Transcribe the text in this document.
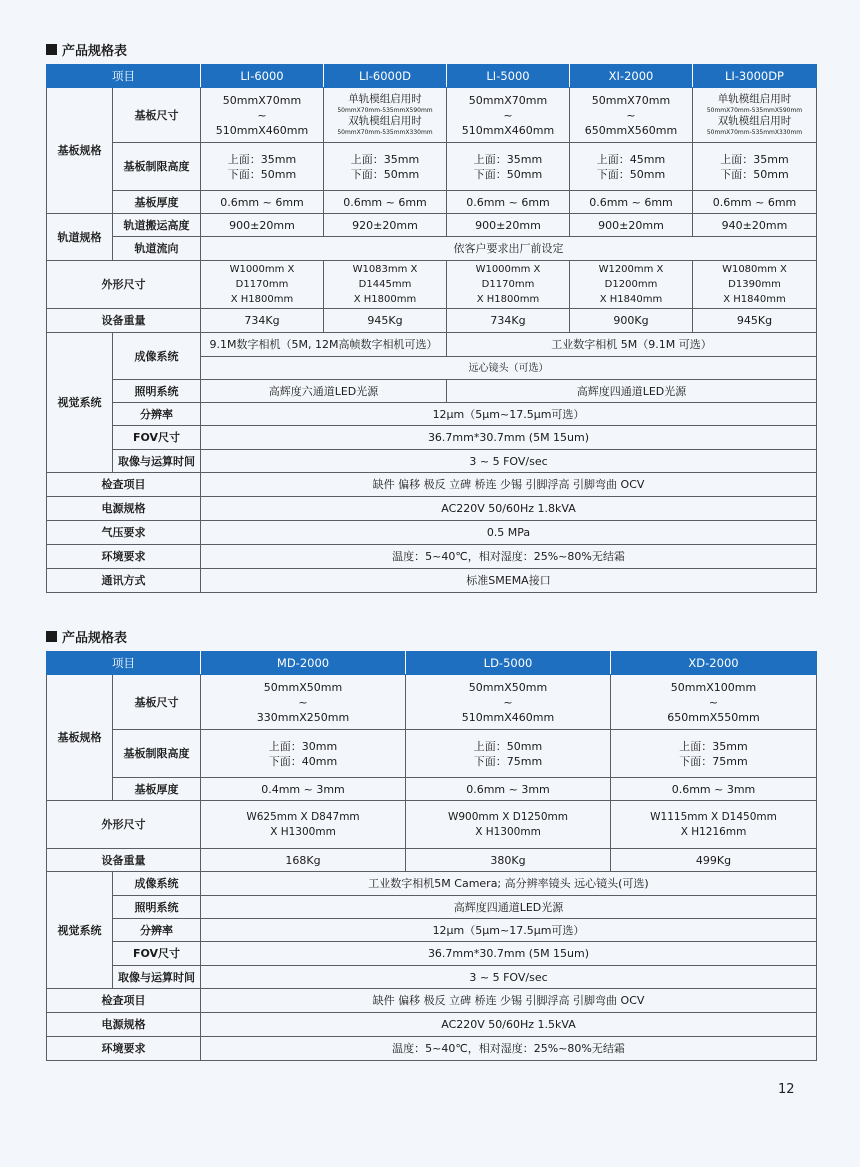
产品规格表
项目		LI-6000	LI-6000D	LI-5000	XI-2000	LI-3000DP
基板规格	基板尺寸	50mmX70mm
~
510mmX460mm	单轨模组启用时
50mmX70mm-535mmX590mm
双轨模组启用时
50mmX70mm-535mmX330mm	50mmX70mm
~
510mmX460mm	50mmX70mm
~
650mmX560mm	单轨模组启用时
50mmX70mm-535mmX590mm
双轨模组启用时
50mmX70mm-535mmX330mm

	基板制限高度	上面：35mm
下面：50mm	上面：35mm
下面：50mm	上面：35mm
下面：50mm	上面：45mm
下面：50mm	上面：35mm
下面：50mm

	基板厚度	0.6mm ~ 6mm	0.6mm ~ 6mm	0.6mm ~ 6mm	0.6mm ~ 6mm	0.6mm ~ 6mm
轨道规格	轨道搬运高度	900±20mm	920±20mm	900±20mm	900±20mm	940±20mm
	轨道流向	依客户要求出厂前设定				
外形尺寸		W1000mm X D1170mm
X H1800mm	W1083mm X D1445mm
X H1800mm	W1000mm X D1170mm
X H1800mm	W1200mm X D1200mm
X H1840mm	W1080mm X D1390mm
X H1840mm

设备重量		734Kg	945Kg	734Kg	900Kg	945Kg
视觉系统	成像系统	9.1M数字相机（5M, 12M高帧数字相机可选）		工业数字相机 5M（9.1M 可选）		
		远心镜头（可选）				
	照明系统	高辉度六通道LED光源		高辉度四通道LED光源		
	分辨率	12μm（5μm~17.5μm可选）				
	FOV尺寸	36.7mm*30.7mm (5M 15um)				
	取像与运算时间	3 ~ 5 FOV/sec				
检查项目		缺件 偏移 极反 立碑 桥连 少锡 引脚浮高 引脚弯曲 OCV				
电源规格		AC220V 50/60Hz 1.8kVA				
气压要求		0.5 MPa				
环境要求		温度：5~40℃，相对湿度：25%~80%无结霜				
通讯方式		标准SMEMA接口				
产品规格表
项目		MD-2000	LD-5000	XD-2000
基板规格	基板尺寸	50mmX50mm
~
330mmX250mm	50mmX50mm
~
510mmX460mm	50mmX100mm
~
650mmX550mm

	基板制限高度	上面：30mm
下面：40mm	上面：50mm
下面：75mm	上面：35mm
下面：75mm

	基板厚度	0.4mm ~ 3mm	0.6mm ~ 3mm	0.6mm ~ 3mm
外形尺寸		W625mm X D847mm
X H1300mm	W900mm X D1250mm
X H1300mm	W1115mm X D1450mm
X H1216mm

设备重量		168Kg	380Kg	499Kg
视觉系统	成像系统	工业数字相机5M Camera; 高分辨率镜头 远心镜头(可选)		
	照明系统	高辉度四通道LED光源		
	分辨率	12μm（5μm~17.5μm可选）		
	FOV尺寸	36.7mm*30.7mm (5M 15um)		
	取像与运算时间	3 ~ 5 FOV/sec		
检查项目		缺件 偏移 极反 立碑 桥连 少锡 引脚浮高 引脚弯曲 OCV		
电源规格		AC220V 50/60Hz 1.5kVA		
环境要求		温度：5~40℃，相对湿度：25%~80%无结霜		
12
